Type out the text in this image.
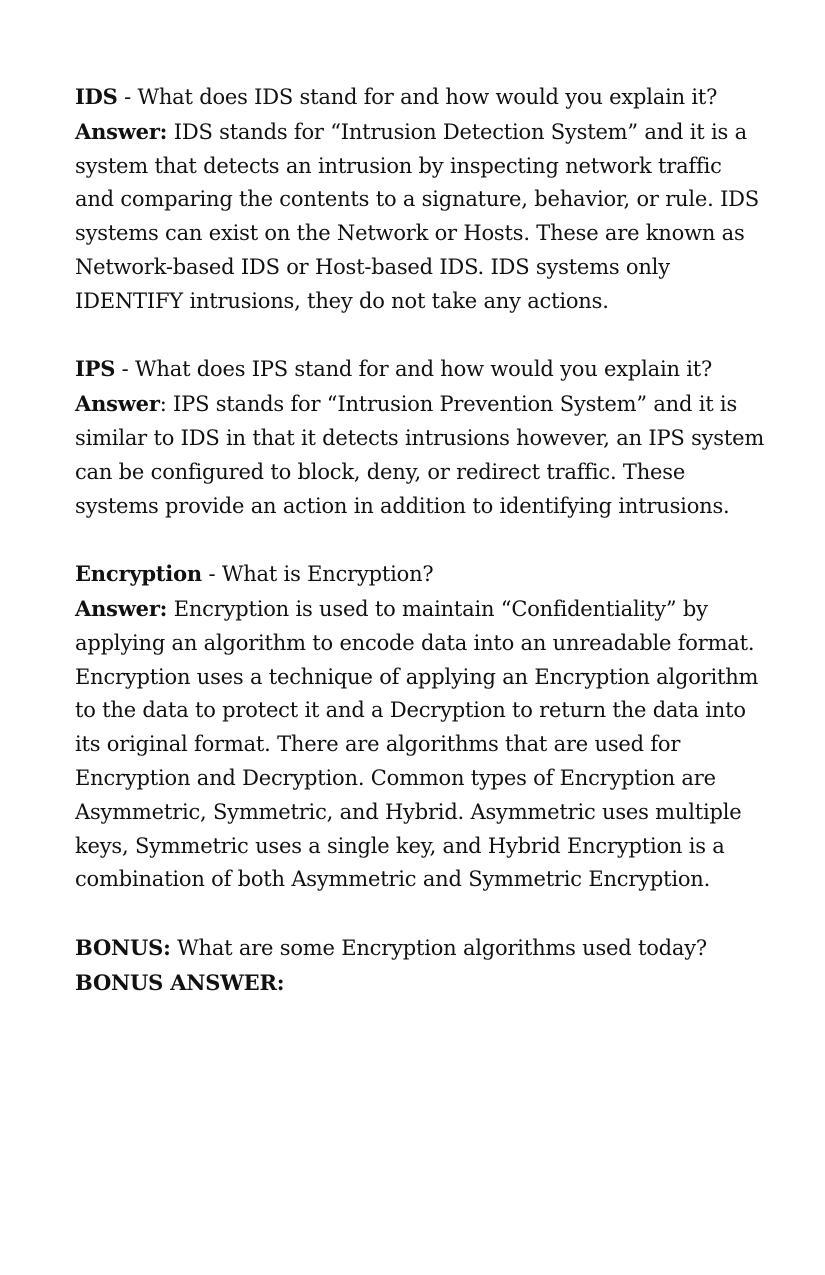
IDS - What does IDS stand for and how would you explain it?

Answer: IDS stands for “Intrusion Detection System” and it is a system that detects an intrusion by inspecting network traffic and comparing the contents to a signature, behavior, or rule. IDS systems can exist on the Network or Hosts. These are known as Network-based IDS or Host-based IDS. IDS systems only IDENTIFY intrusions, they do not take any actions.

IPS - What does IPS stand for and how would you explain it?

Answer: IPS stands for “Intrusion Prevention System” and it is similar to IDS in that it detects intrusions however, an IPS system can be configured to block, deny, or redirect traffic. These systems provide an action in addition to identifying intrusions.

Encryption - What is Encryption?

Answer: Encryption is used to maintain “Confidentiality” by applying an algorithm to encode data into an unreadable format. Encryption uses a technique of applying an Encryption algorithm to the data to protect it and a Decryption to return the data into its original format. There are algorithms that are used for Encryption and Decryption. Common types of Encryption are Asymmetric, Symmetric, and Hybrid. Asymmetric uses multiple keys, Symmetric uses a single key, and Hybrid Encryption is a combination of both Asymmetric and Symmetric Encryption.

BONUS: What are some Encryption algorithms used today?

BONUS ANSWER:
